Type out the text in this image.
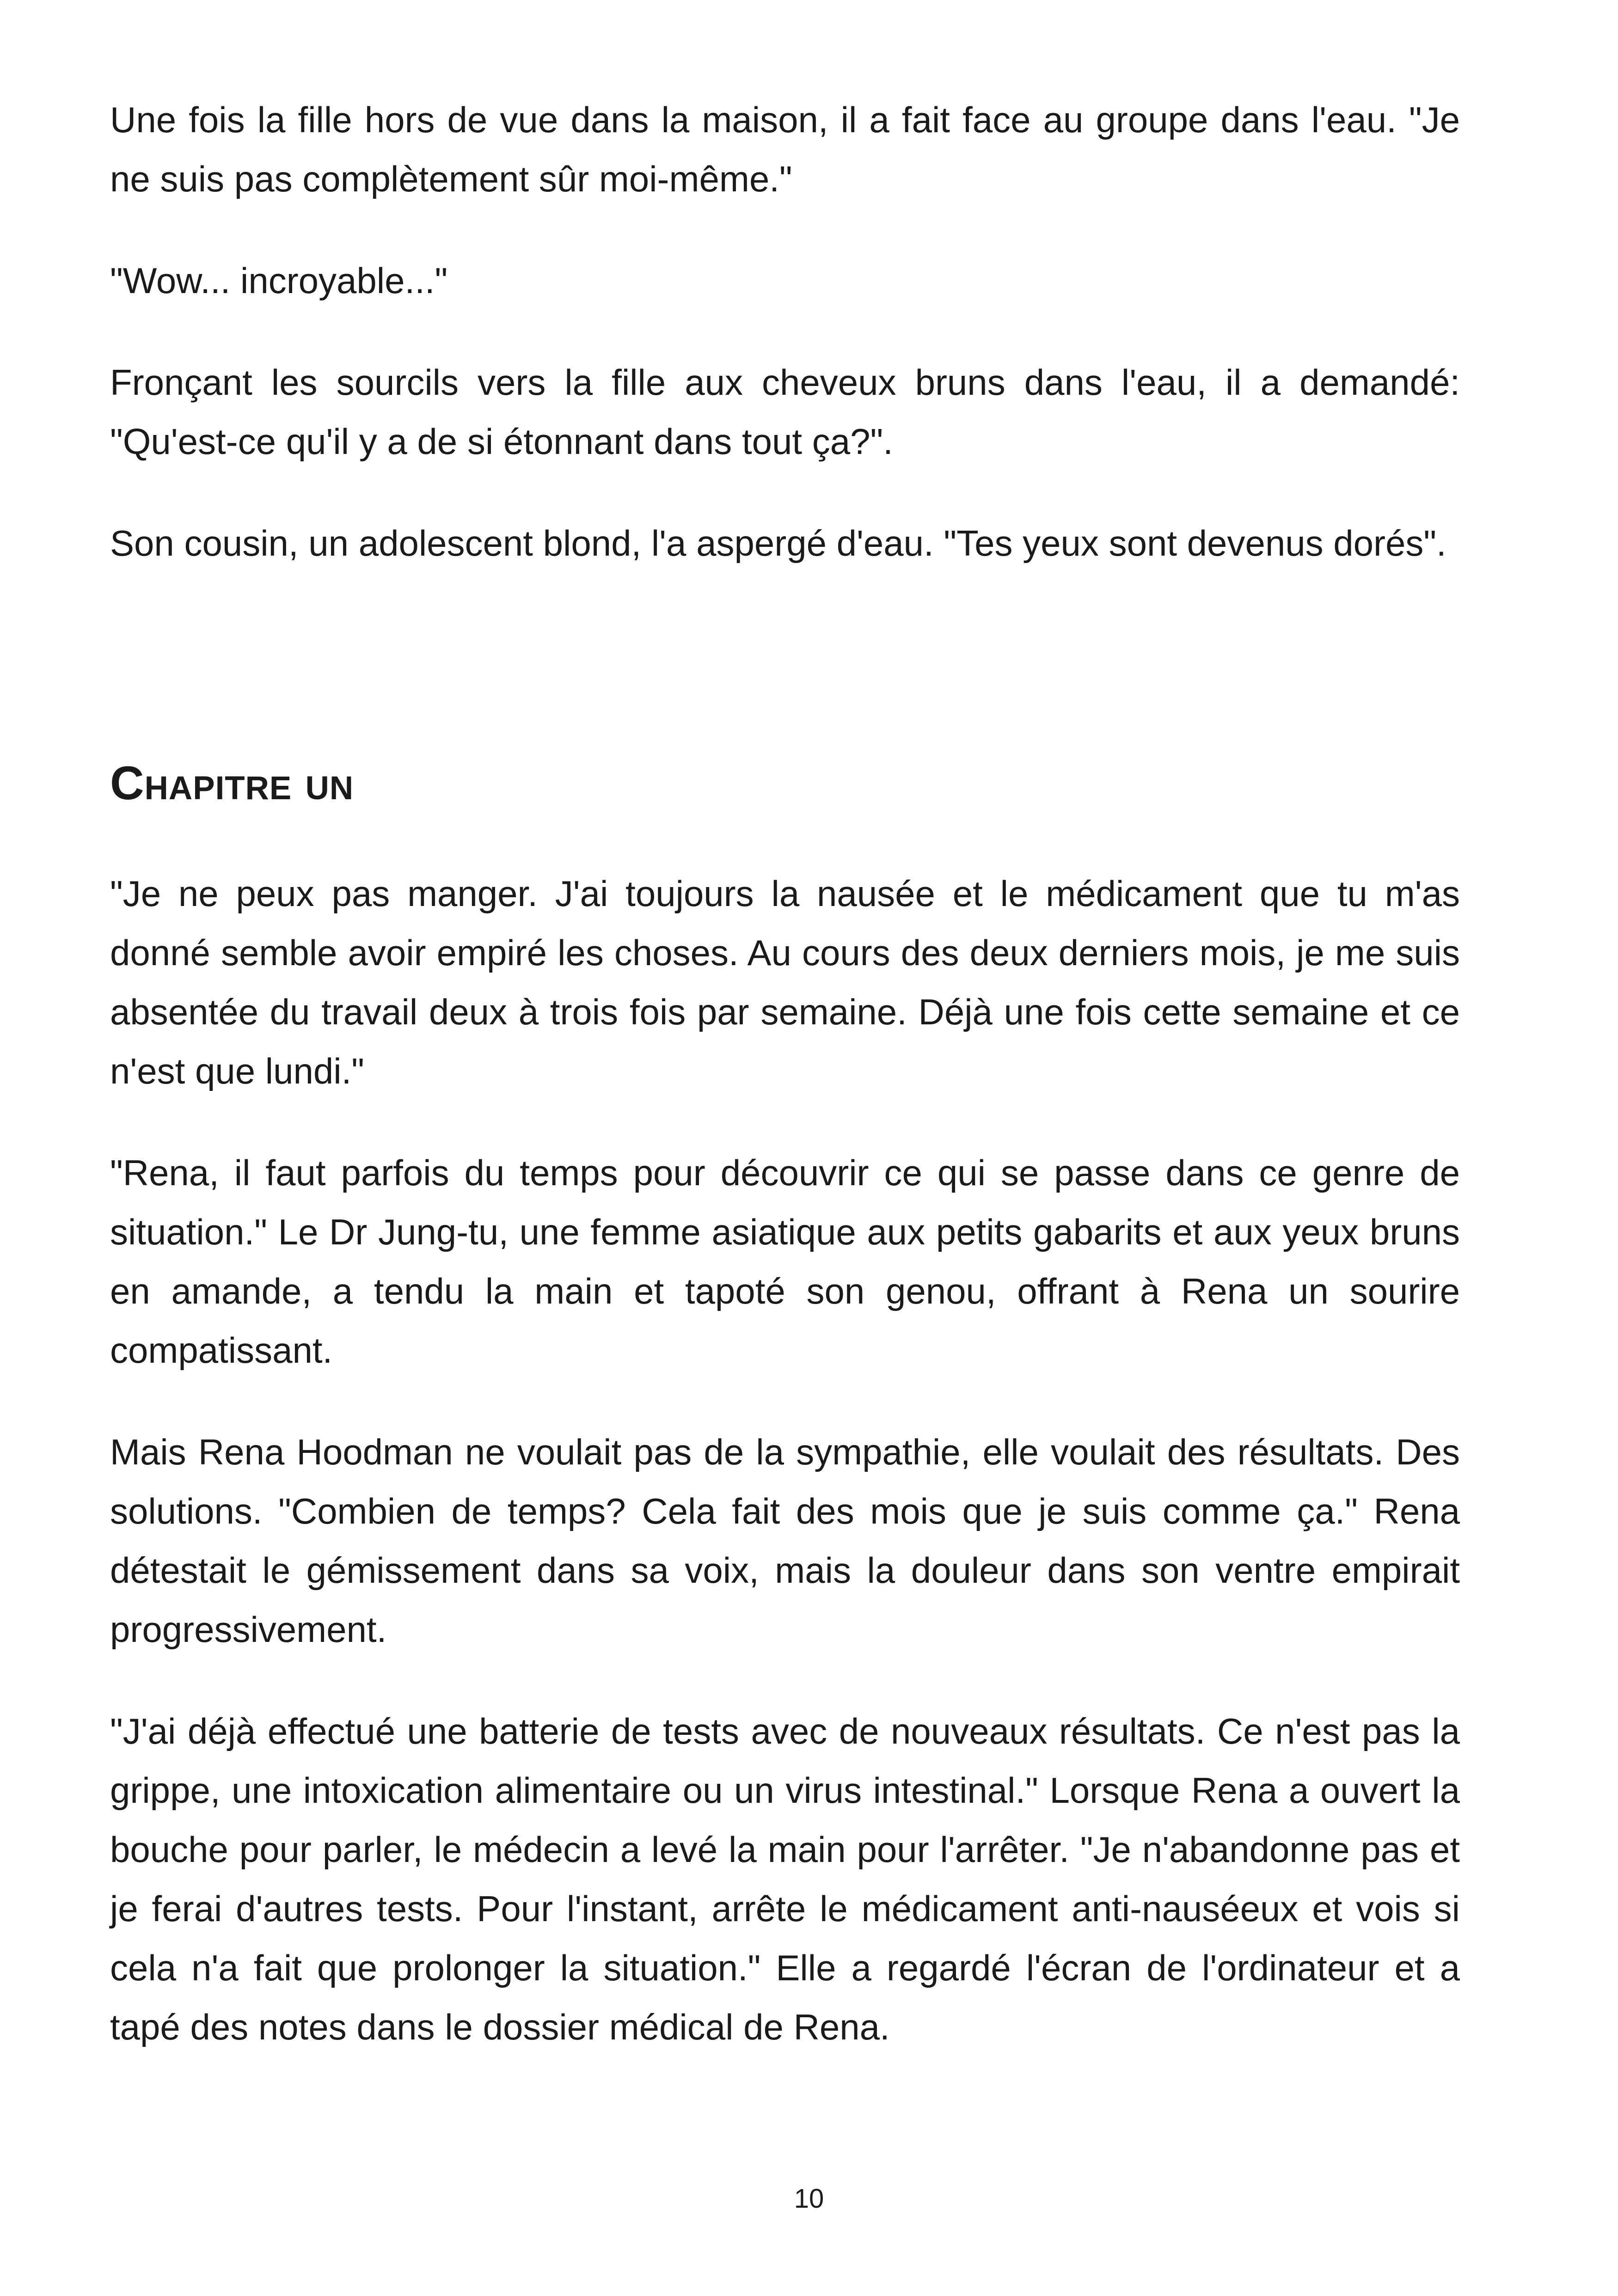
Une fois la fille hors de vue dans la maison, il a fait face au groupe dans l'eau. "Je ne suis pas complètement sûr moi-même."

"Wow... incroyable..."

Fronçant les sourcils vers la fille aux cheveux bruns dans l'eau, il a demandé: "Qu'est-ce qu'il y a de si étonnant dans tout ça?".

Son cousin, un adolescent blond, l'a aspergé d'eau. "Tes yeux sont devenus dorés".

Chapitre un

"Je ne peux pas manger. J'ai toujours la nausée et le médicament que tu m'as donné semble avoir empiré les choses. Au cours des deux derniers mois, je me suis absentée du travail deux à trois fois par semaine. Déjà une fois cette semaine et ce n'est que lundi."

"Rena, il faut parfois du temps pour découvrir ce qui se passe dans ce genre de situation." Le Dr Jung-tu, une femme asiatique aux petits gabarits et aux yeux bruns en amande, a tendu la main et tapoté son genou, offrant à Rena un sourire compatissant.

Mais Rena Hoodman ne voulait pas de la sympathie, elle voulait des résultats. Des solutions. "Combien de temps? Cela fait des mois que je suis comme ça." Rena détestait le gémissement dans sa voix, mais la douleur dans son ventre empirait progressivement.

"J'ai déjà effectué une batterie de tests avec de nouveaux résultats. Ce n'est pas la grippe, une intoxication alimentaire ou un virus intestinal." Lorsque Rena a ouvert la bouche pour parler, le médecin a levé la main pour l'arrêter. "Je n'abandonne pas et je ferai d'autres tests. Pour l'instant, arrête le médicament anti-nauséeux et vois si cela n'a fait que prolonger la situation." Elle a regardé l'écran de l'ordinateur et a tapé des notes dans le dossier médical de Rena.

10
